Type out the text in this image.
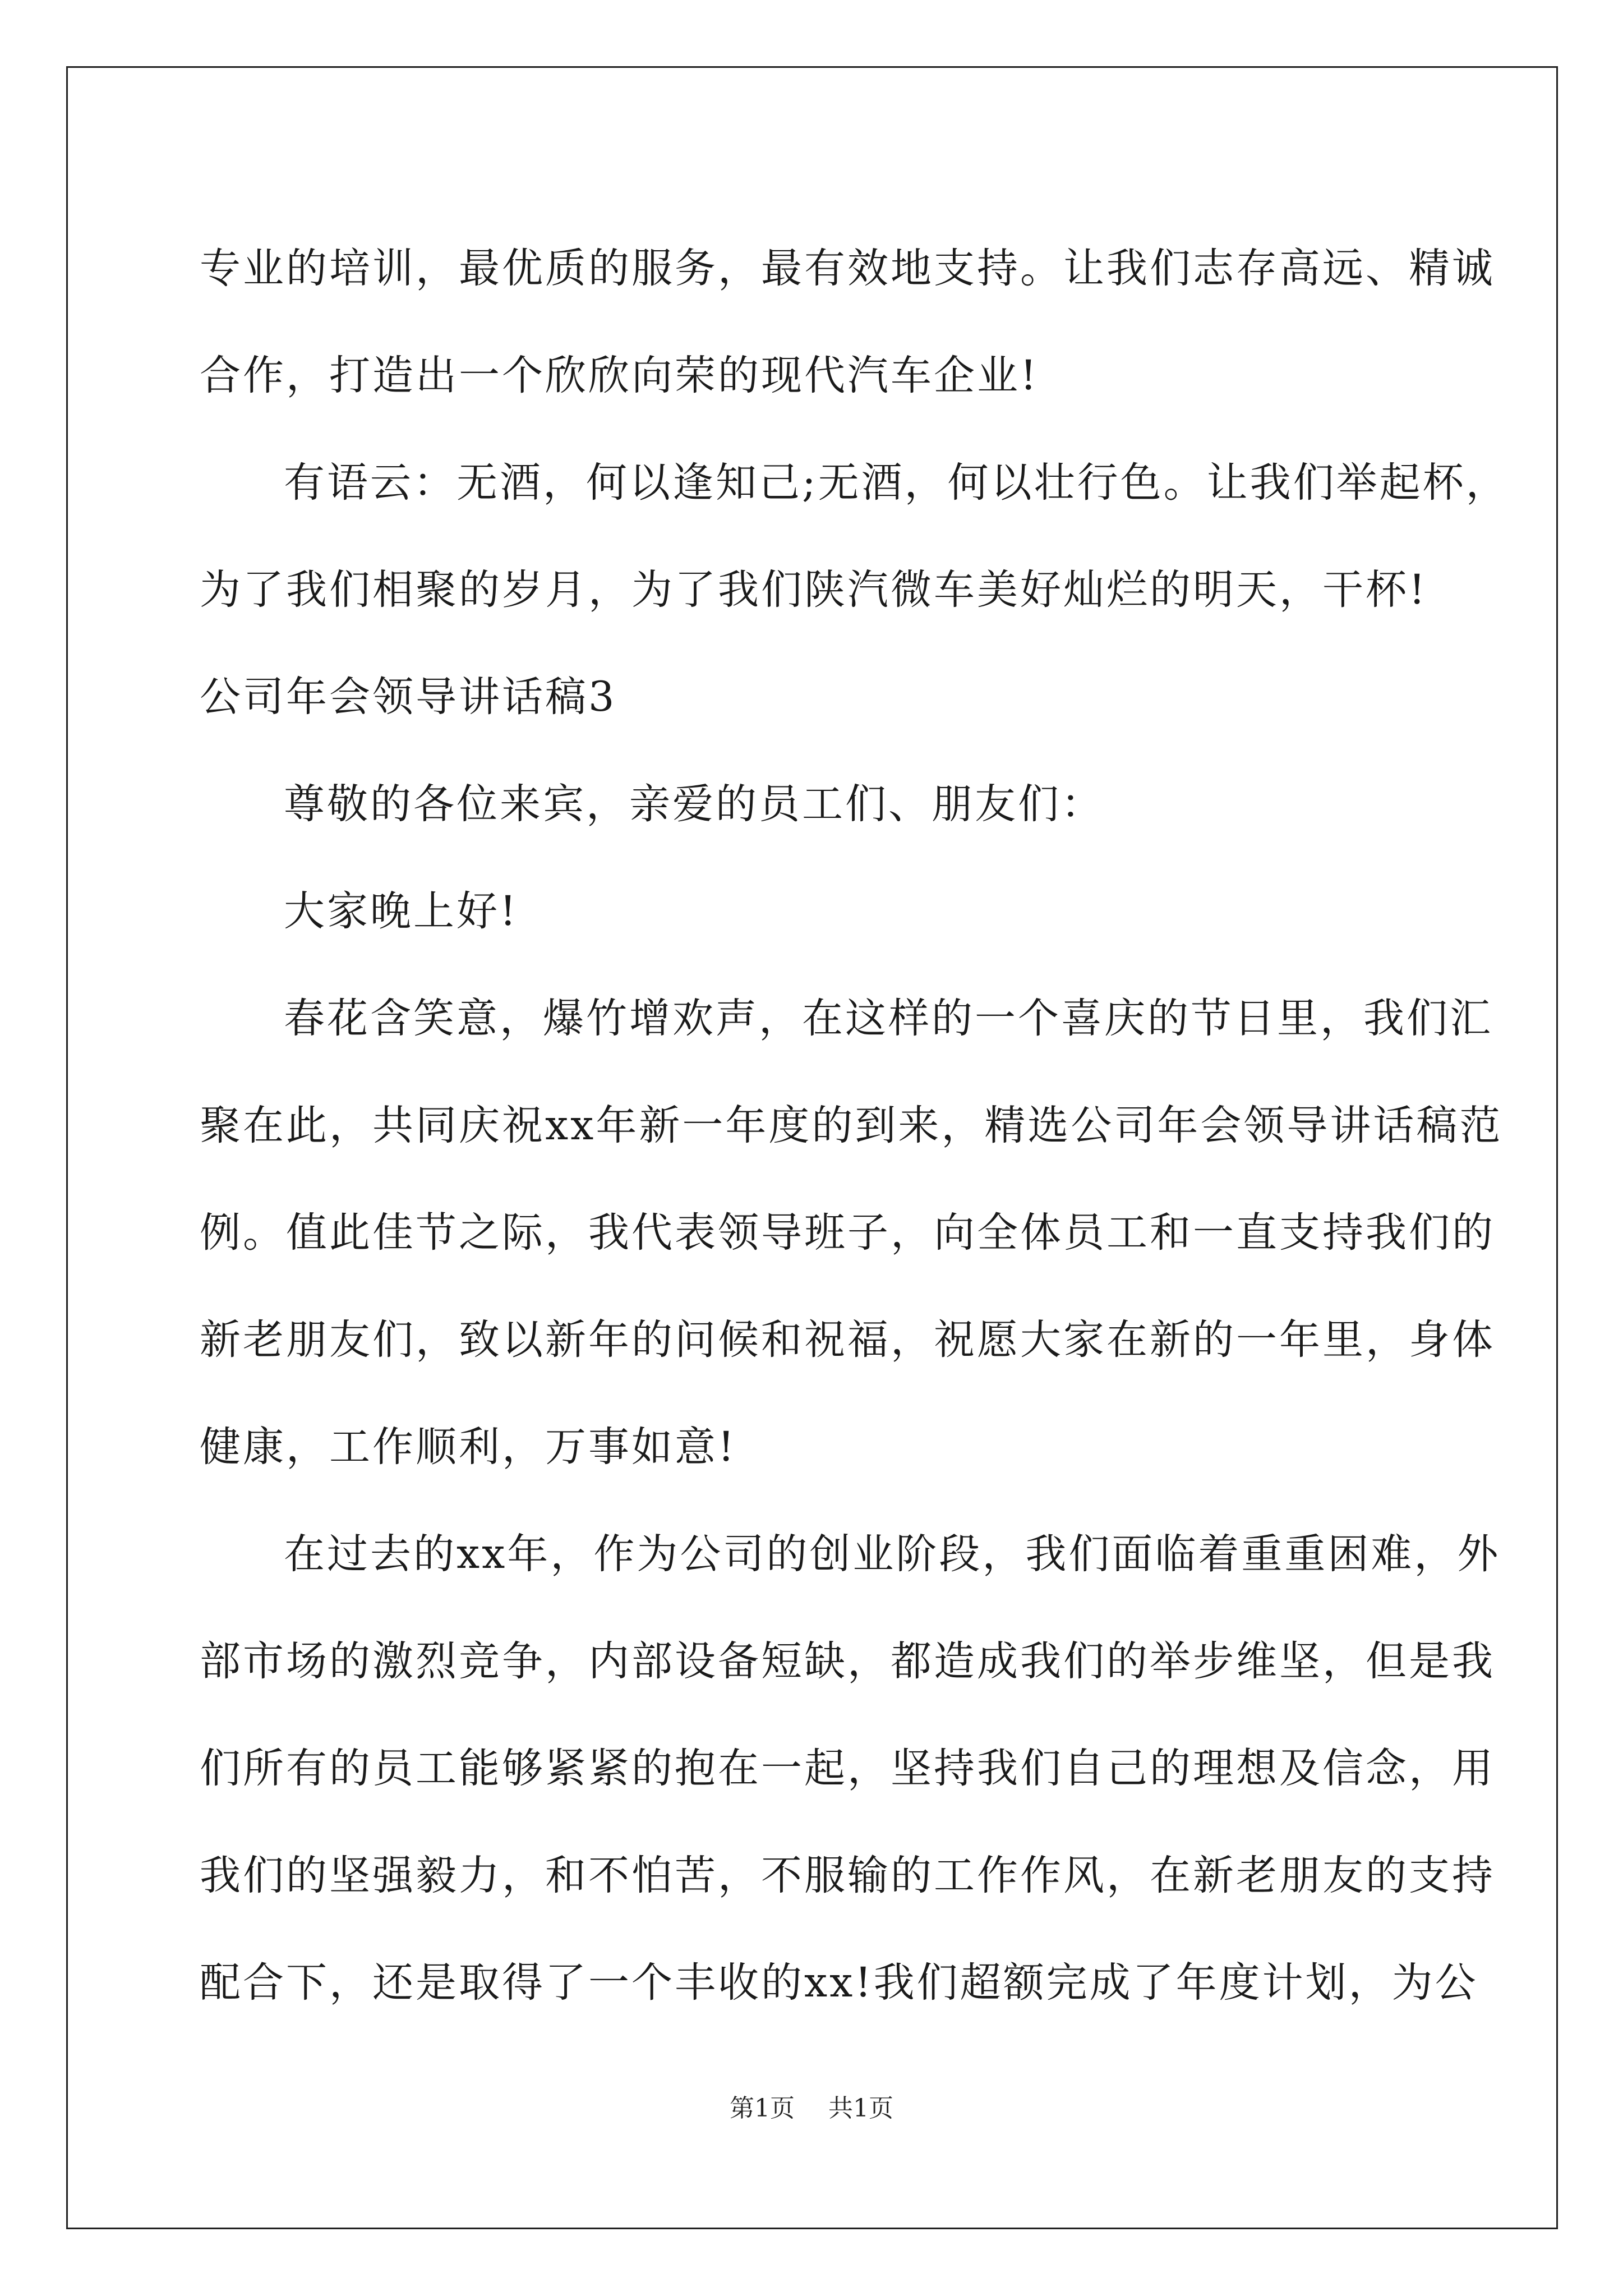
专业的培训，最优质的服务，最有效地支持。让我们志存高远、精诚
合作，打造出一个欣欣向荣的现代汽车企业!
有语云：无酒，何以逢知己;无酒，何以壮行色。让我们举起杯，
为了我们相聚的岁月，为了我们陕汽微车美好灿烂的明天，干杯!
公司年会领导讲话稿3
尊敬的各位来宾，亲爱的员工们、朋友们：
大家晚上好!
春花含笑意，爆竹增欢声，在这样的一个喜庆的节日里，我们汇
聚在此，共同庆祝xx年新一年度的到来，精选公司年会领导讲话稿范
例。值此佳节之际，我代表领导班子，向全体员工和一直支持我们的
新老朋友们，致以新年的问候和祝福，祝愿大家在新的一年里，身体
健康，工作顺利，万事如意!
在过去的xx年，作为公司的创业阶段，我们面临着重重困难，外
部市场的激烈竞争，内部设备短缺，都造成我们的举步维坚，但是我
们所有的员工能够紧紧的抱在一起，坚持我们自己的理想及信念，用
我们的坚强毅力，和不怕苦，不服输的工作作风，在新老朋友的支持
配合下，还是取得了一个丰收的xx!我们超额完成了年度计划，为公
第1页 共1页
